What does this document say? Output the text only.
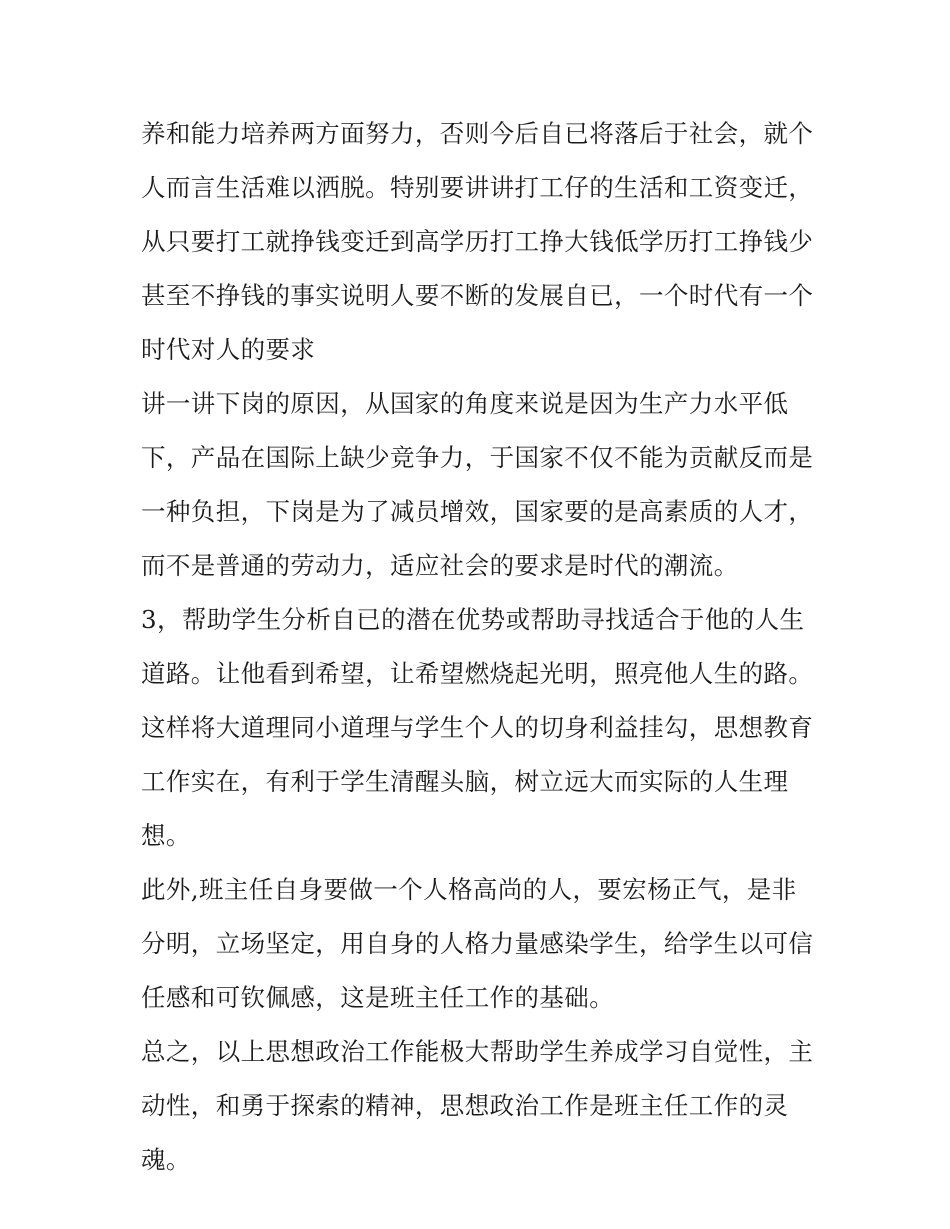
养和能力培养两方面努力，否则今后自已将落后于社会，就个
人而言生活难以洒脱。特别要讲讲打工仔的生活和工资变迁，
从只要打工就挣钱变迁到高学历打工挣大钱低学历打工挣钱少
甚至不挣钱的事实说明人要不断的发展自已，一个时代有一个
时代对人的要求

讲一讲下岗的原因，从国家的角度来说是因为生产力水平低
下，产品在国际上缺少竞争力，于国家不仅不能为贡献反而是
一种负担，下岗是为了减员增效，国家要的是高素质的人才，
而不是普通的劳动力，适应社会的要求是时代的潮流。

3，帮助学生分析自已的潜在优势或帮助寻找适合于他的人生
道路。让他看到希望，让希望燃烧起光明，照亮他人生的路。
这样将大道理同小道理与学生个人的切身利益挂勾，思想教育
工作实在，有利于学生清醒头脑，树立远大而实际的人生理
想。

此外,班主任自身要做一个人格高尚的人，要宏杨正气，是非
分明，立场坚定，用自身的人格力量感染学生，给学生以可信
任感和可钦佩感，这是班主任工作的基础。

总之，以上思想政治工作能极大帮助学生养成学习自觉性，主
动性，和勇于探索的精神，思想政治工作是班主任工作的灵
魂。
